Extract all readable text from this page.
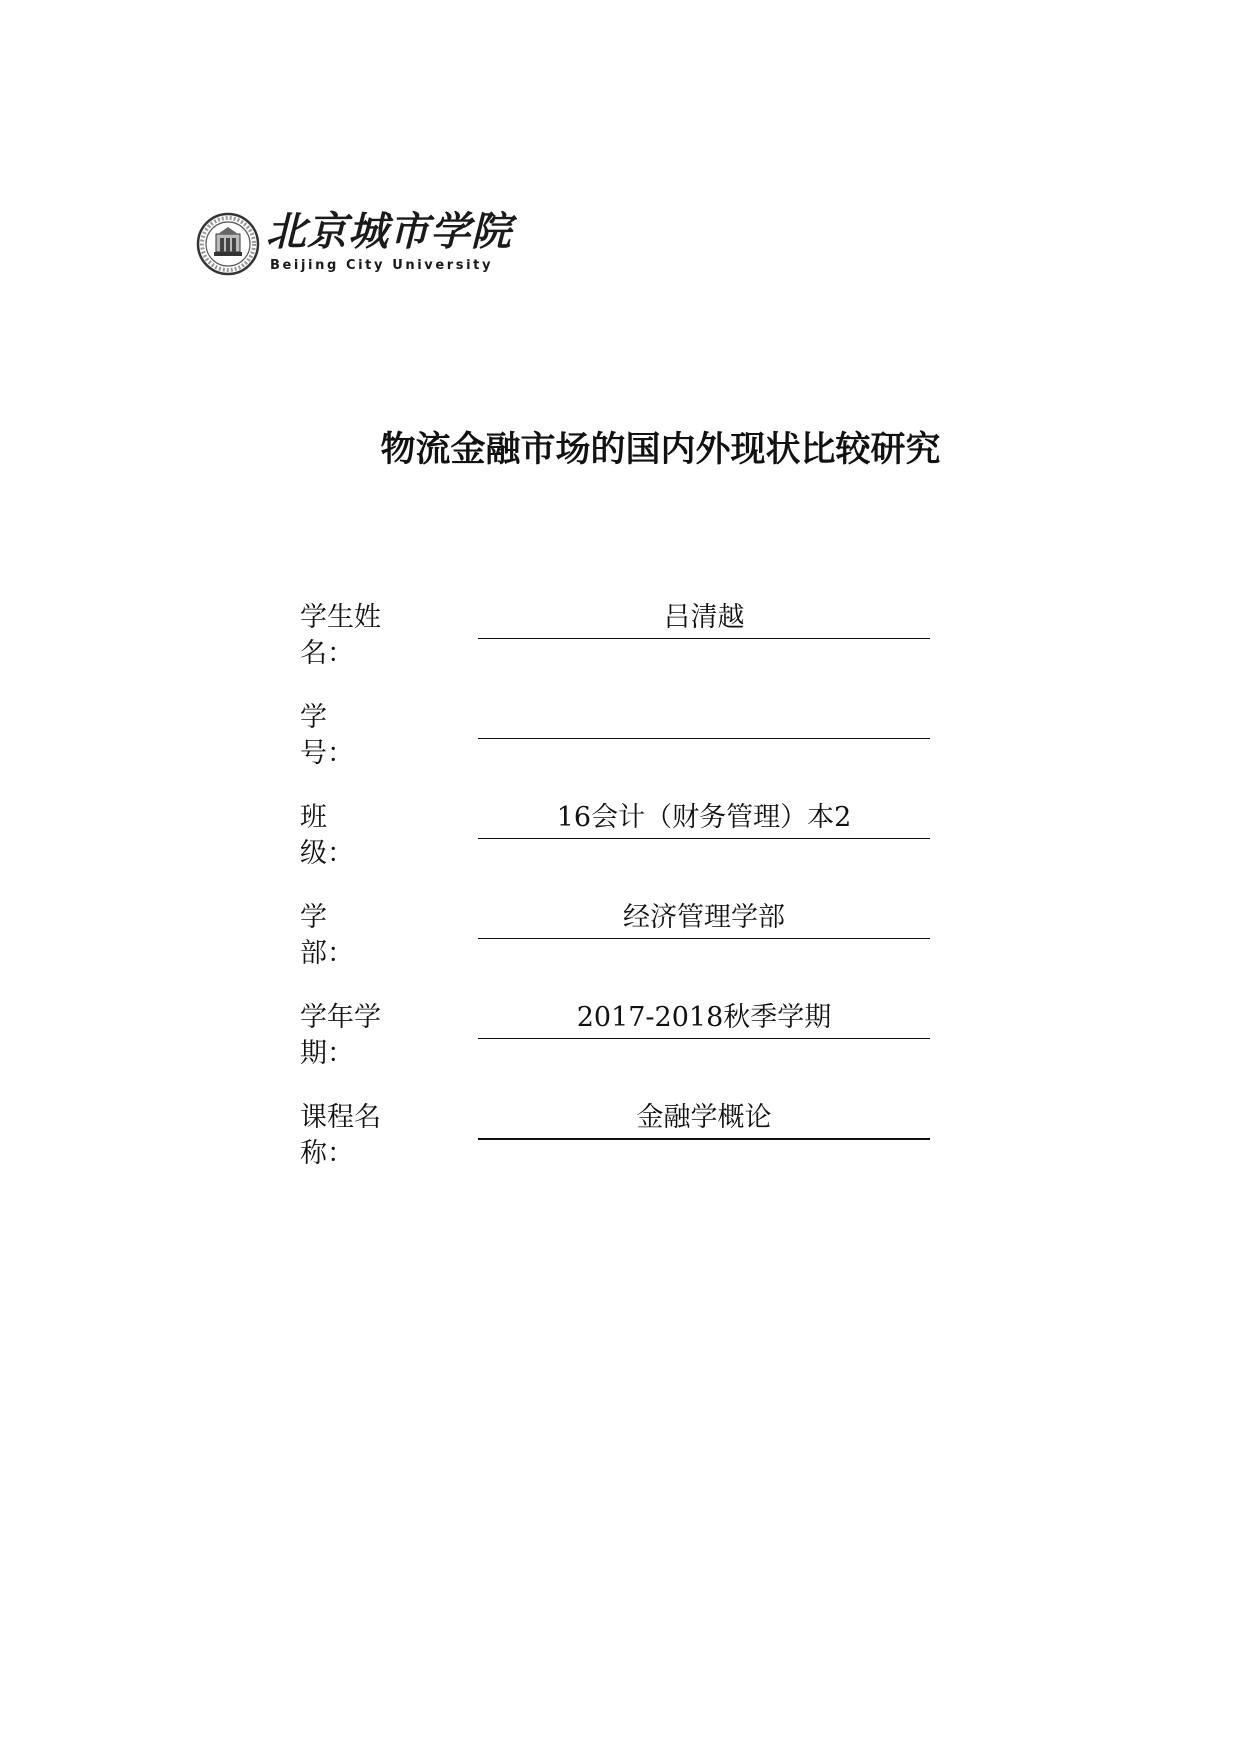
北京城市学院
Beijing City University
物流金融市场的国内外现状比较研究
学生姓名：
吕清越
学　　号：
班　　级：
16会计（财务管理）本2
学　　部：
经济管理学部
学年学期：
2017-2018秋季学期
课程名称：
金融学概论
